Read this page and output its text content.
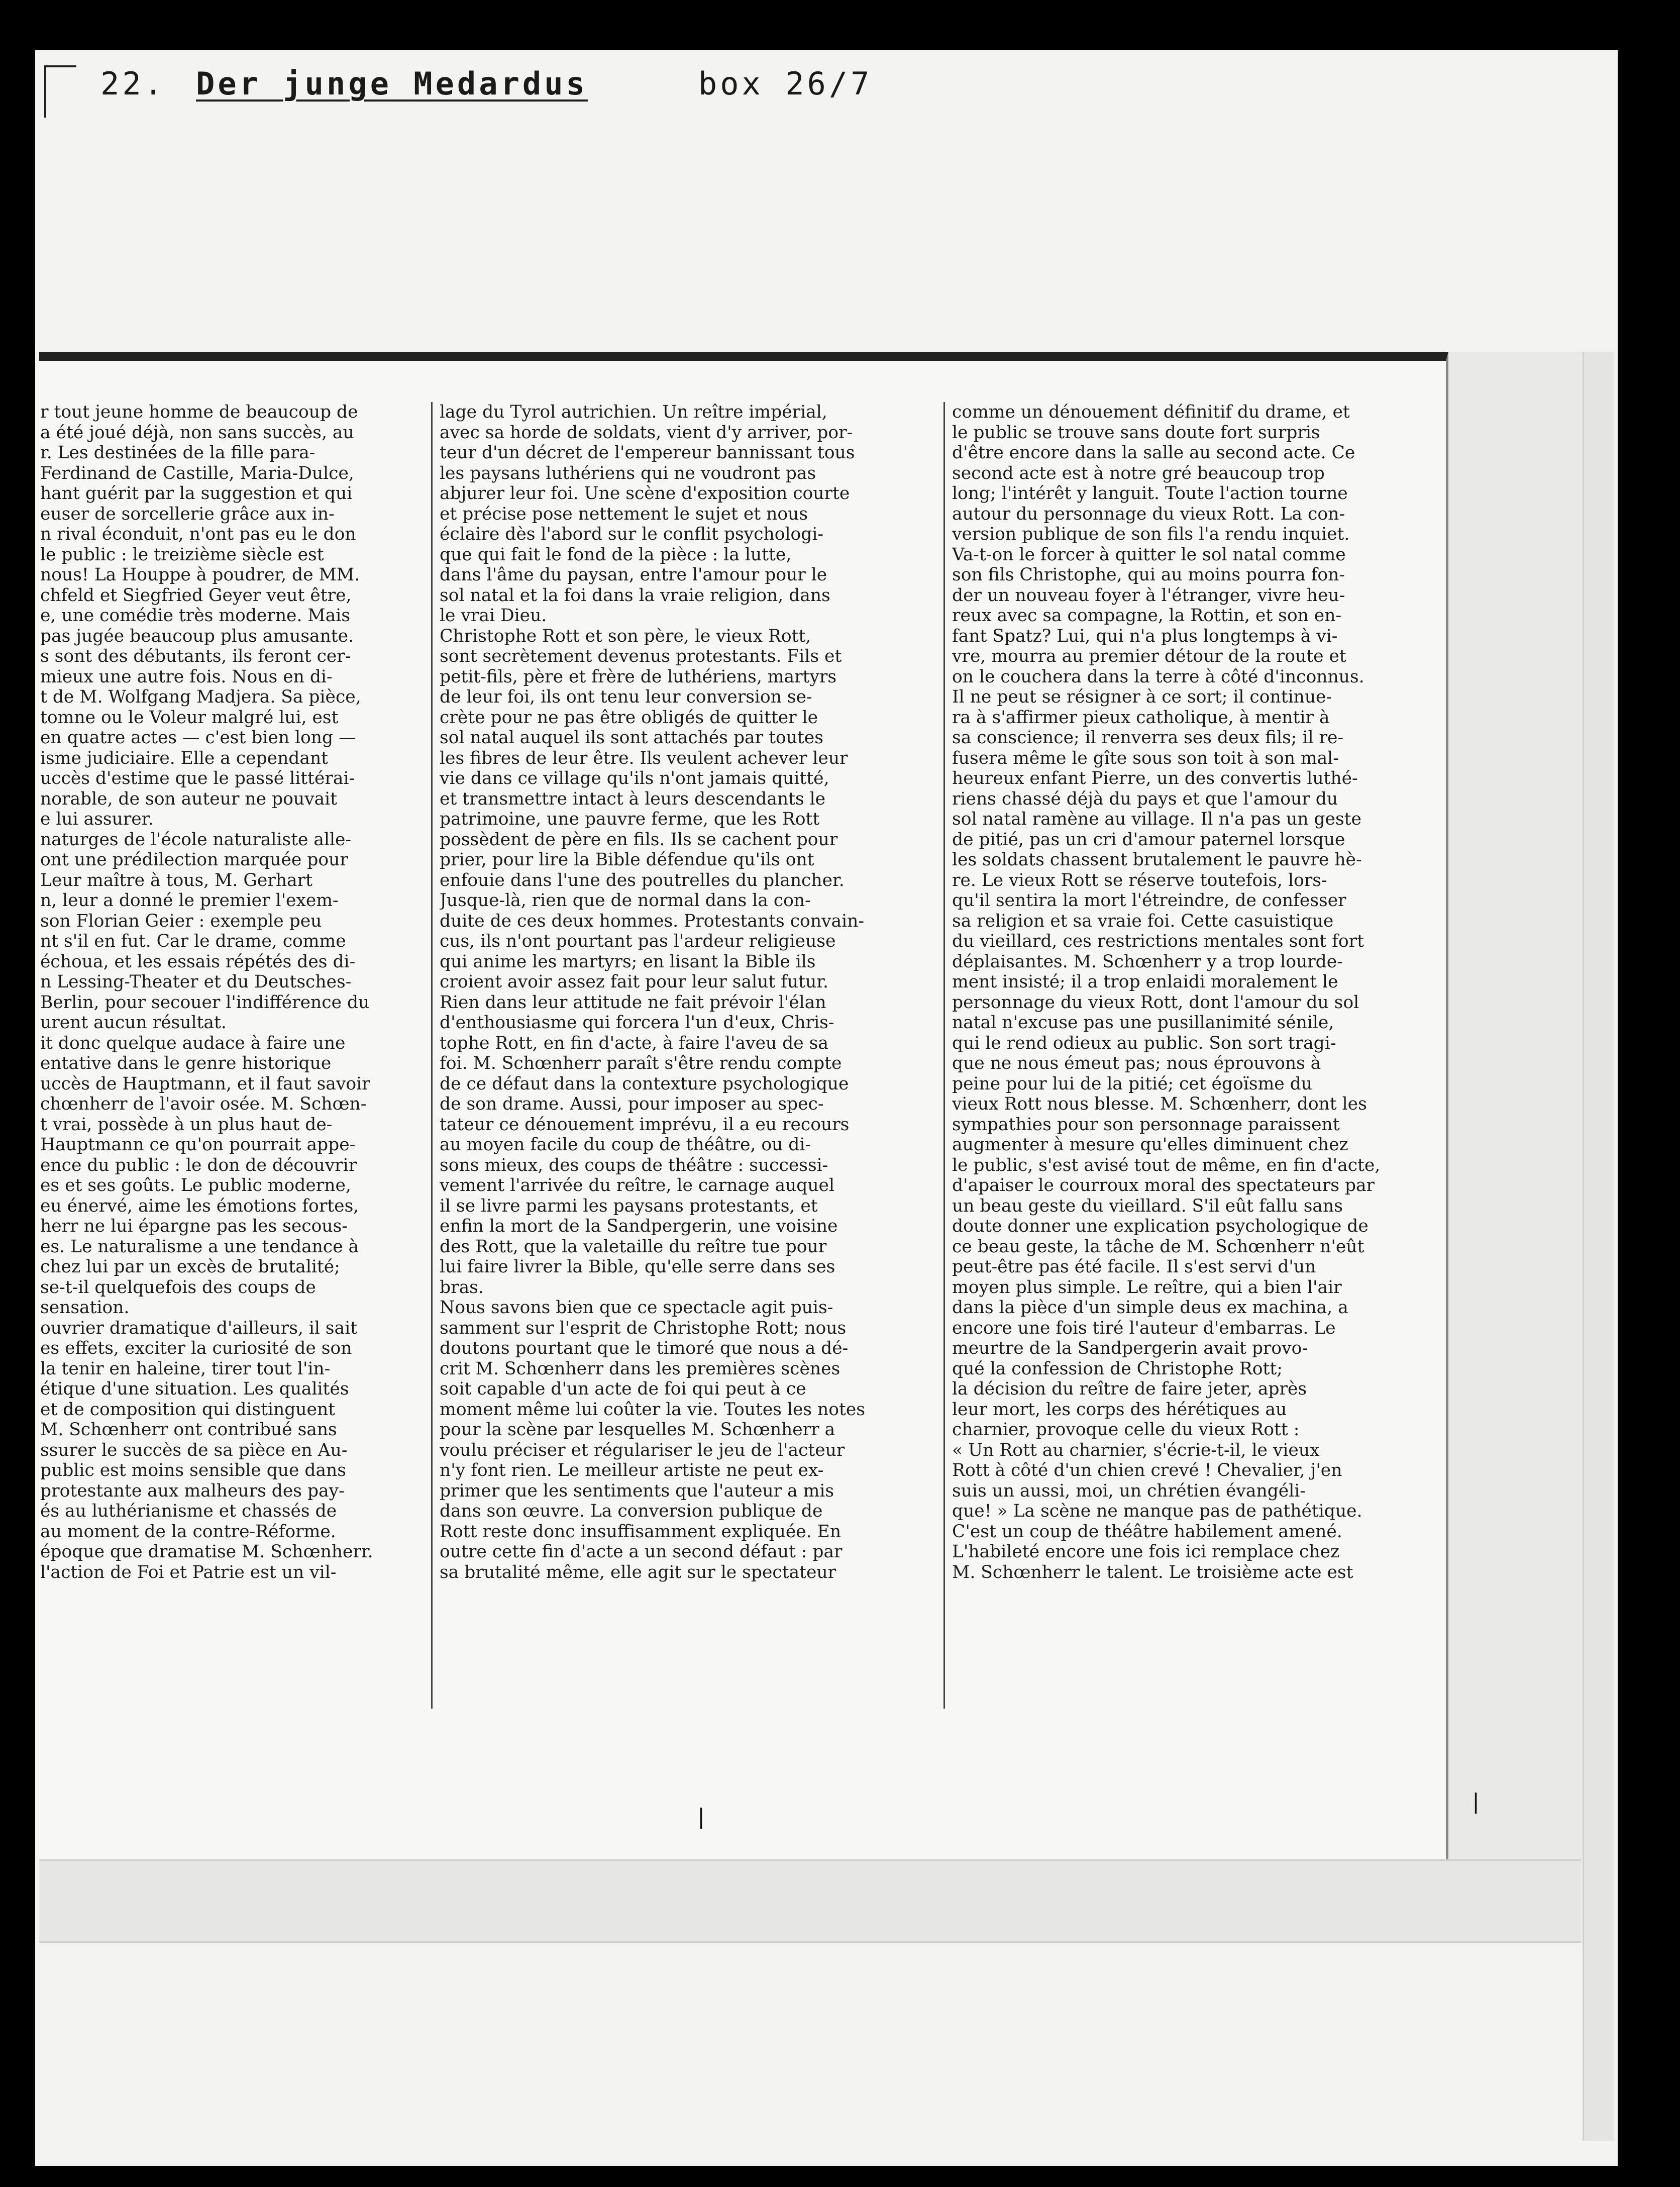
22. Der junge Medardus	box 26/7

r tout jeune homme de beaucoup de

a été joué déjà, non sans succès, au

r. Les destinées de la fille para-

Ferdinand de Castille, Maria-Dulce,

hant guérit par la suggestion et qui

euser de sorcellerie grâce aux in-

n rival éconduit, n'ont pas eu le don

le public : le treizième siècle est

nous! La Houppe à poudrer, de MM.

chfeld et Siegfried Geyer veut être,

e, une comédie très moderne. Mais

pas jugée beaucoup plus amusante.

s sont des débutants, ils feront cer-

mieux une autre fois. Nous en di-

t de M. Wolfgang Madjera. Sa pièce,

tomne ou le Voleur malgré lui, est

en quatre actes — c'est bien long —

isme judiciaire. Elle a cependant

uccès d'estime que le passé littérai-

norable, de son auteur ne pouvait

e lui assurer.

naturges de l'école naturaliste alle-

ont une prédilection marquée pour

Leur maître à tous, M. Gerhart

n, leur a donné le premier l'exem-

son Florian Geier : exemple peu

nt s'il en fut. Car le drame, comme

échoua, et les essais répétés des di-

n Lessing-Theater et du Deutsches-

Berlin, pour secouer l'indifférence du

urent aucun résultat.

it donc quelque audace à faire une

entative dans le genre historique

uccès de Hauptmann, et il faut savoir

chœnherr de l'avoir osée. M. Schœn-

t vrai, possède à un plus haut de-

Hauptmann ce qu'on pourrait appe-

ence du public : le don de découvrir

es et ses goûts. Le public moderne,

eu énervé, aime les émotions fortes,

herr ne lui épargne pas les secous-

es. Le naturalisme a une tendance à

chez lui par un excès de brutalité;

se-t-il quelquefois des coups de

sensation.

ouvrier dramatique d'ailleurs, il sait

es effets, exciter la curiosité de son

la tenir en haleine, tirer tout l'in-

étique d'une situation. Les qualités

et de composition qui distinguent

M. Schœnherr ont contribué sans

ssurer le succès de sa pièce en Au-

public est moins sensible que dans

protestante aux malheurs des pay-

és au luthérianisme et chassés de

au moment de la contre-Réforme.

époque que dramatise M. Schœnherr.

l'action de Foi et Patrie est un vil-

lage du Tyrol autrichien. Un reître impérial,

avec sa horde de soldats, vient d'y arriver, por-

teur d'un décret de l'empereur bannissant tous

les paysans luthériens qui ne voudront pas

abjurer leur foi. Une scène d'exposition courte

et précise pose nettement le sujet et nous

éclaire dès l'abord sur le conflit psychologi-

que qui fait le fond de la pièce : la lutte,

dans l'âme du paysan, entre l'amour pour le

sol natal et la foi dans la vraie religion, dans

le vrai Dieu.

Christophe Rott et son père, le vieux Rott,

sont secrètement devenus protestants. Fils et

petit-fils, père et frère de luthériens, martyrs

de leur foi, ils ont tenu leur conversion se-

crète pour ne pas être obligés de quitter le

sol natal auquel ils sont attachés par toutes

les fibres de leur être. Ils veulent achever leur

vie dans ce village qu'ils n'ont jamais quitté,

et transmettre intact à leurs descendants le

patrimoine, une pauvre ferme, que les Rott

possèdent de père en fils. Ils se cachent pour

prier, pour lire la Bible défendue qu'ils ont

enfouie dans l'une des poutrelles du plancher.

Jusque-là, rien que de normal dans la con-

duite de ces deux hommes. Protestants convain-

cus, ils n'ont pourtant pas l'ardeur religieuse

qui anime les martyrs; en lisant la Bible ils

croient avoir assez fait pour leur salut futur.

Rien dans leur attitude ne fait prévoir l'élan

d'enthousiasme qui forcera l'un d'eux, Chris-

tophe Rott, en fin d'acte, à faire l'aveu de sa

foi. M. Schœnherr paraît s'être rendu compte

de ce défaut dans la contexture psychologique

de son drame. Aussi, pour imposer au spec-

tateur ce dénouement imprévu, il a eu recours

au moyen facile du coup de théâtre, ou di-

sons mieux, des coups de théâtre : successi-

vement l'arrivée du reître, le carnage auquel

il se livre parmi les paysans protestants, et

enfin la mort de la Sandpergerin, une voisine

des Rott, que la valetaille du reître tue pour

lui faire livrer la Bible, qu'elle serre dans ses

bras.

Nous savons bien que ce spectacle agit puis-

samment sur l'esprit de Christophe Rott; nous

doutons pourtant que le timoré que nous a dé-

crit M. Schœnherr dans les premières scènes

soit capable d'un acte de foi qui peut à ce

moment même lui coûter la vie. Toutes les notes

pour la scène par lesquelles M. Schœnherr a

voulu préciser et régulariser le jeu de l'acteur

n'y font rien. Le meilleur artiste ne peut ex-

primer que les sentiments que l'auteur a mis

dans son œuvre. La conversion publique de

Rott reste donc insuffisamment expliquée. En

outre cette fin d'acte a un second défaut : par

sa brutalité même, elle agit sur le spectateur

comme un dénouement définitif du drame, et

le public se trouve sans doute fort surpris

d'être encore dans la salle au second acte. Ce

second acte est à notre gré beaucoup trop

long; l'intérêt y languit. Toute l'action tourne

autour du personnage du vieux Rott. La con-

version publique de son fils l'a rendu inquiet.

Va-t-on le forcer à quitter le sol natal comme

son fils Christophe, qui au moins pourra fon-

der un nouveau foyer à l'étranger, vivre heu-

reux avec sa compagne, la Rottin, et son en-

fant Spatz? Lui, qui n'a plus longtemps à vi-

vre, mourra au premier détour de la route et

on le couchera dans la terre à côté d'inconnus.

Il ne peut se résigner à ce sort; il continue-

ra à s'affirmer pieux catholique, à mentir à

sa conscience; il renverra ses deux fils; il re-

fusera même le gîte sous son toit à son mal-

heureux enfant Pierre, un des convertis luthé-

riens chassé déjà du pays et que l'amour du

sol natal ramène au village. Il n'a pas un geste

de pitié, pas un cri d'amour paternel lorsque

les soldats chassent brutalement le pauvre hè-

re. Le vieux Rott se réserve toutefois, lors-

qu'il sentira la mort l'étreindre, de confesser

sa religion et sa vraie foi. Cette casuistique

du vieillard, ces restrictions mentales sont fort

déplaisantes. M. Schœnherr y a trop lourde-

ment insisté; il a trop enlaidi moralement le

personnage du vieux Rott, dont l'amour du sol

natal n'excuse pas une pusillanimité sénile,

qui le rend odieux au public. Son sort tragi-

que ne nous émeut pas; nous éprouvons à

peine pour lui de la pitié; cet égoïsme du

vieux Rott nous blesse. M. Schœnherr, dont les

sympathies pour son personnage paraissent

augmenter à mesure qu'elles diminuent chez

le public, s'est avisé tout de même, en fin d'acte,

d'apaiser le courroux moral des spectateurs par

un beau geste du vieillard. S'il eût fallu sans

doute donner une explication psychologique de

ce beau geste, la tâche de M. Schœnherr n'eût

peut-être pas été facile. Il s'est servi d'un

moyen plus simple. Le reître, qui a bien l'air

dans la pièce d'un simple deus ex machina, a

encore une fois tiré l'auteur d'embarras. Le

meurtre de la Sandpergerin avait provo-

qué la confession de Christophe Rott;

la décision du reître de faire jeter, après

leur mort, les corps des hérétiques au

charnier, provoque celle du vieux Rott :

« Un Rott au charnier, s'écrie-t-il, le vieux

Rott à côté d'un chien crevé ! Chevalier, j'en

suis un aussi, moi, un chrétien évangéli-

que! » La scène ne manque pas de pathétique.

C'est un coup de théâtre habilement amené.

L'habileté encore une fois ici remplace chez

M. Schœnherr le talent. Le troisième acte est

❘
❘
